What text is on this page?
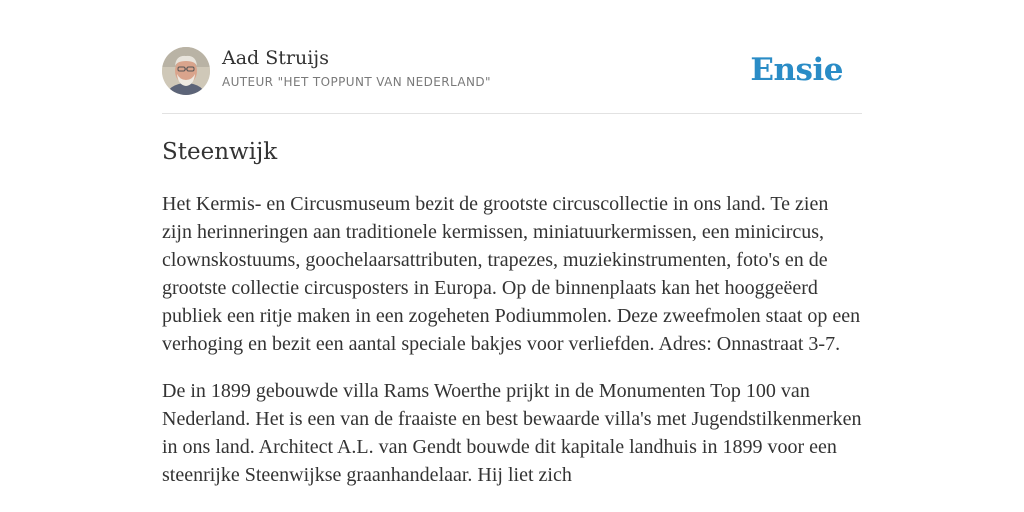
Aad Struijs
AUTEUR "HET TOPPUNT VAN NEDERLAND"	Ensie
Steenwijk

Het Kermis- en Circusmuseum bezit de grootste circuscollectie in ons land. Te zien zijn herinneringen aan traditionele kermissen, miniatuurkermissen, een minicircus, clownskostuums, goochelaarsattributen, trapezes, muziekinstrumenten, foto's en de grootste collectie circusposters in Europa. Op de binnenplaats kan het hooggeëerd publiek een ritje maken in een zogeheten Podiummolen. Deze zweefmolen staat op een verhoging en bezit een aantal speciale bakjes voor verliefden. Adres: Onnastraat 3-7.

De in 1899 gebouwde villa Rams Woerthe prijkt in de Monumenten Top 100 van Nederland. Het is een van de fraaiste en best bewaarde villa's met Jugendstilkenmerken in ons land. Architect A.L. van Gendt bouwde dit kapitale landhuis in 1899 voor een steenrijke Steenwijkse graanhandelaar. Hij liet zich
